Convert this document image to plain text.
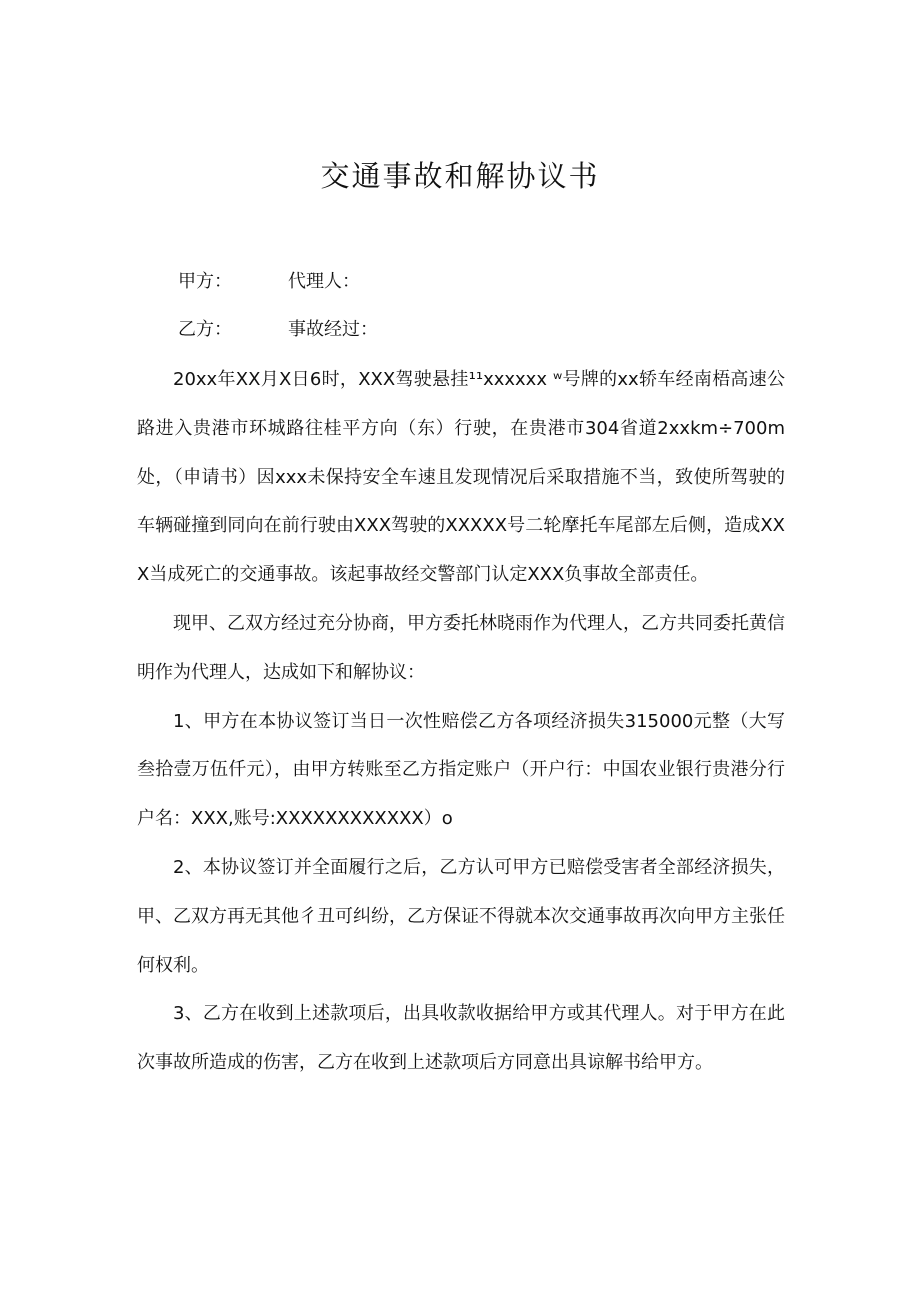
交通事故和解协议书
甲方：	代理人：
乙方：	事故经过：

20xx年XX月X日6时，XXX驾驶悬挂¹¹xxxxxx ʷ号牌的xx轿车经南梧高速公路进入贵港市环城路往桂平方向（东）行驶，在贵港市304省道2xxkm÷700m处，（申请书）因xxx未保持安全车速且发现情况后采取措施不当，致使所驾驶的车辆碰撞到同向在前行驶由XXX驾驶的XXXXX号二轮摩托车尾部左后侧，造成XXX当成死亡的交通事故。该起事故经交警部门认定XXX负事故全部责任。

现甲、乙双方经过充分协商，甲方委托林晓雨作为代理人，乙方共同委托黄信明作为代理人，达成如下和解协议：

1、甲方在本协议签订当日一次性赔偿乙方各项经济损失315000元整（大写叁拾壹万伍仟元），由甲方转账至乙方指定账户（开户行：中国农业银行贵港分行户名：XXX,账号:XXXXXXXXXXXX）o

2、本协议签订并全面履行之后，乙方认可甲方已赔偿受害者全部经济损失，甲、乙双方再无其他彳丑可纠纷，乙方保证不得就本次交通事故再次向甲方主张任何权利。

3、乙方在收到上述款项后，出具收款收据给甲方或其代理人。对于甲方在此次事故所造成的伤害，乙方在收到上述款项后方同意出具谅解书给甲方。
